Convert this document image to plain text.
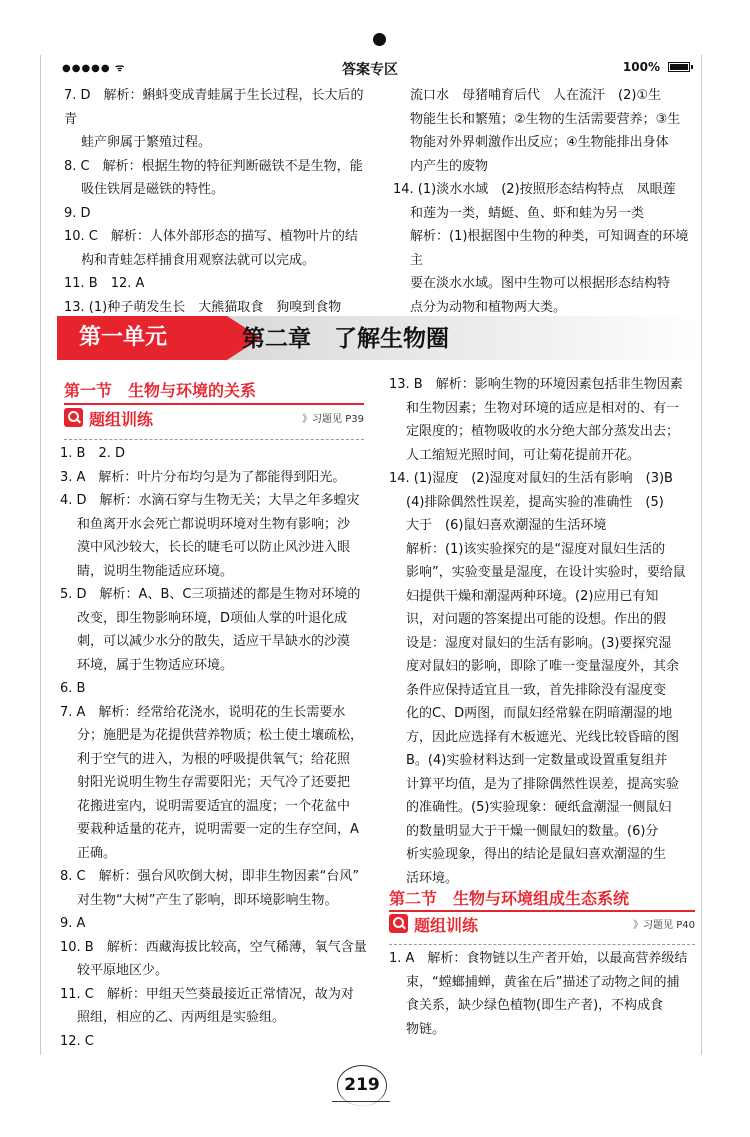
●●●●● ᯤ	答案专区	100%

7. D　解析：蝌蚪变成青蛙属于生长过程，长大后的青

蛙产卵属于繁殖过程。

8. C　解析：根据生物的特征判断磁铁不是生物，能

吸住铁屑是磁铁的特性。

9. D

10. C　解析：人体外部形态的描写、植物叶片的结

构和青蛙怎样捕食用观察法就可以完成。

11. B　12. A

13. (1)种子萌发生长　大熊猫取食　狗嗅到食物

流口水　母猪哺育后代　人在流汗　(2)①生

物能生长和繁殖；②生物的生活需要营养；③生

物能对外界刺激作出反应；④生物能排出身体

内产生的废物

14. (1)淡水水域　(2)按照形态结构特点　凤眼莲

和莲为一类，蜻蜓、鱼、虾和蛙为另一类

解析：(1)根据图中生物的种类，可知调查的环境主

要在淡水水域。图中生物可以根据形态结构特

点分为动物和植物两大类。

第一单元	第二章　了解生物圈
第一节　生物与环境的关系
题组训练	》习题见 P39

1. B　2. D

3. A　解析：叶片分布均匀是为了都能得到阳光。

4. D　解析：水滴石穿与生物无关；大旱之年多蝗灾

和鱼离开水会死亡都说明环境对生物有影响；沙

漠中风沙较大，长长的睫毛可以防止风沙进入眼

睛，说明生物能适应环境。

5. D　解析：A、B、C三项描述的都是生物对环境的

改变，即生物影响环境，D项仙人掌的叶退化成

刺，可以减少水分的散失，适应干旱缺水的沙漠

环境，属于生物适应环境。

6. B

7. A　解析：经常给花浇水，说明花的生长需要水

分；施肥是为花提供营养物质；松土使土壤疏松，

利于空气的进入，为根的呼吸提供氧气；给花照

射阳光说明生物生存需要阳光；天气冷了还要把

花搬进室内，说明需要适宜的温度；一个花盆中

要栽种适量的花卉，说明需要一定的生存空间，A

正确。

8. C　解析：强台风吹倒大树，即非生物因素“台风”

对生物“大树”产生了影响，即环境影响生物。

9. A

10. B　解析：西藏海拔比较高，空气稀薄，氧气含量

较平原地区少。

11. C　解析：甲组天竺葵最接近正常情况，故为对

照组，相应的乙、丙两组是实验组。

12. C

13. B　解析：影响生物的环境因素包括非生物因素

和生物因素；生物对环境的适应是相对的、有一

定限度的；植物吸收的水分绝大部分蒸发出去；

人工缩短光照时间，可让菊花提前开花。

14. (1)湿度　(2)湿度对鼠妇的生活有影响　(3)B

(4)排除偶然性误差，提高实验的准确性　(5)

大于　(6)鼠妇喜欢潮湿的生活环境

解析：(1)该实验探究的是“湿度对鼠妇生活的

影响”，实验变量是湿度，在设计实验时，要给鼠

妇提供干燥和潮湿两种环境。(2)应用已有知

识，对问题的答案提出可能的设想。作出的假

设是：湿度对鼠妇的生活有影响。(3)要探究湿

度对鼠妇的影响，即除了唯一变量湿度外，其余

条件应保持适宜且一致，首先排除没有湿度变

化的C、D两图，而鼠妇经常躲在阴暗潮湿的地

方，因此应选择有木板遮光、光线比较昏暗的图

B。(4)实验材料达到一定数量或设置重复组并

计算平均值，是为了排除偶然性误差，提高实验

的准确性。(5)实验现象：硬纸盒潮湿一侧鼠妇

的数量明显大于干燥一侧鼠妇的数量。(6)分

析实验现象，得出的结论是鼠妇喜欢潮湿的生

活环境。

第二节　生物与环境组成生态系统
题组训练	》习题见 P40

1. A　解析：食物链以生产者开始，以最高营养级结

束，“螳螂捕蝉，黄雀在后”描述了动物之间的捕

食关系，缺少绿色植物(即生产者)，不构成食

物链。

219
